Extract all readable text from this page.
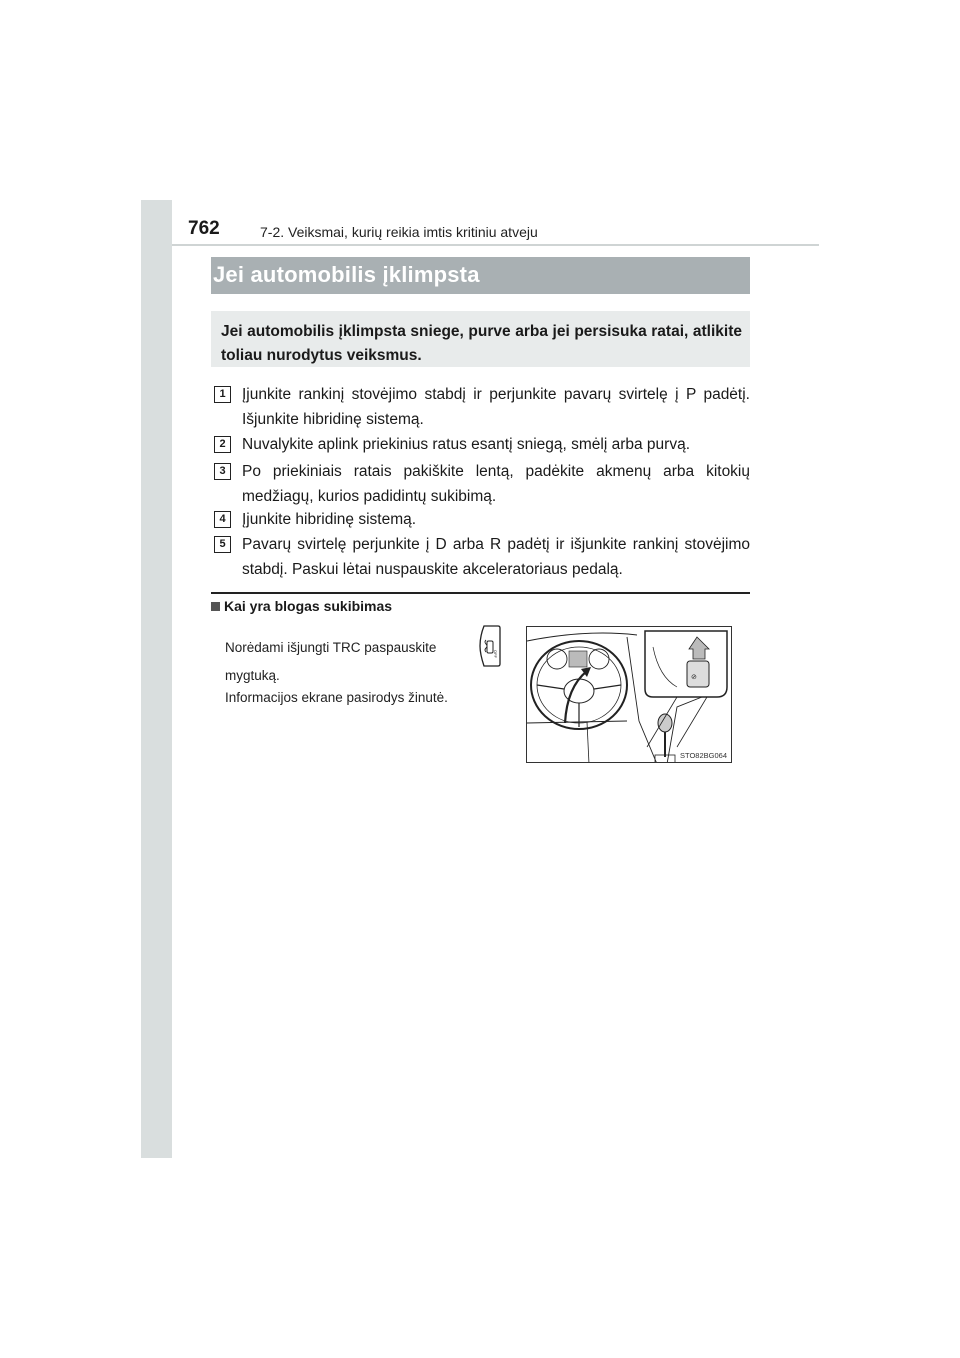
762	7-2. Veiksmai, kurių reikia imtis kritiniu atveju
Jei automobilis įklimpsta
Jei automobilis įklimpsta sniege, purve arba jei persisuka ratai, atlikite toliau nurodytus veiksmus.
1	Įjunkite rankinį stovėjimo stabdį ir perjunkite pavarų svirtelę į P padėtį. Išjunkite hibridinę sistemą.
2	Nuvalykite aplink priekinius ratus esantį sniegą, smėlį arba purvą.
3	Po priekiniais ratais pakiškite lentą, padėkite akmenų arba kitokių medžiagų, kurios padidintų sukibimą.
4	Įjunkite hibridinę sistemą.
5	Pavarų svirtelę perjunkite į D arba R padėtį ir išjunkite rankinį stovėjimo stabdį. Paskui lėtai nuspauskite akceleratoriaus pedalą.
Kai yra blogas sukibimas
Norėdami išjungti TRC paspauskite
mygtuką.
Informacijos ekrane pasirodys žinutė.
OFF
⊘
STO82BG064
